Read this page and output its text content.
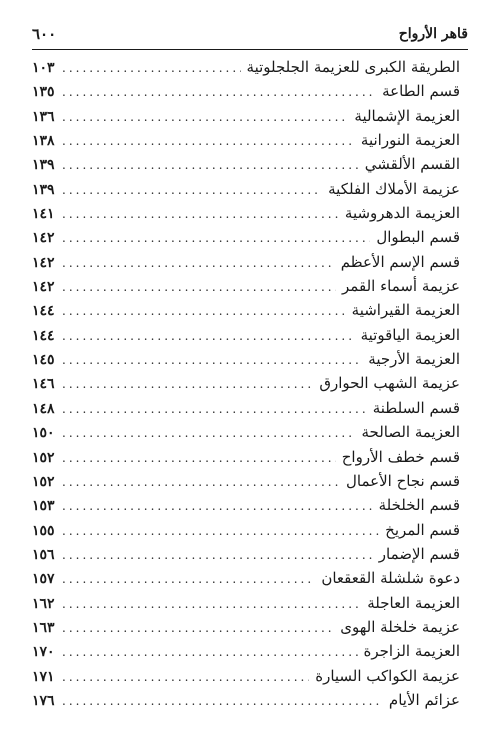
٦٠٠	قاهر الأرواح
الطريقة الكبرى للعزيمة الجلجلوتية
.....
١٠٣
قسم الطاعة
.....
١٣٥
العزيمة الإشمالية
.....
١٣٦
العزيمة النورانية
.....
١٣٨
القسم الألقشي
.....
١٣٩
عزيمة الأملاك الفلكية
.....
١٣٩
العزيمة الدهروشية
.....
١٤١
قسم البطوال
.....
١٤٢
قسم الإسم الأعظم
.....
١٤٢
عزيمة أسماء القمر
.....
١٤٢
العزيمة القيراشية
.....
١٤٤
العزيمة الياقوتية
.....
١٤٤
العزيمة الأرجية
.....
١٤٥
عزيمة الشهب الحوارق
.....
١٤٦
قسم السلطنة
.....
١٤٨
العزيمة الصالحة
.....
١٥٠
قسم خطف الأرواح
.....
١٥٢
قسم نجاح الأعمال
.....
١٥٢
قسم الخلخلة
.....
١٥٣
قسم المريخ
.....
١٥٥
قسم الإضمار
.....
١٥٦
دعوة شلشلة القعقعان
.....
١٥٧
العزيمة العاجلة
.....
١٦٢
عزيمة خلخلة الهوى
.....
١٦٣
العزيمة الزاجرة
.....
١٧٠
عزيمة الكواكب السيارة
.....
١٧١
عزائم الأيام
.....
١٧٦
